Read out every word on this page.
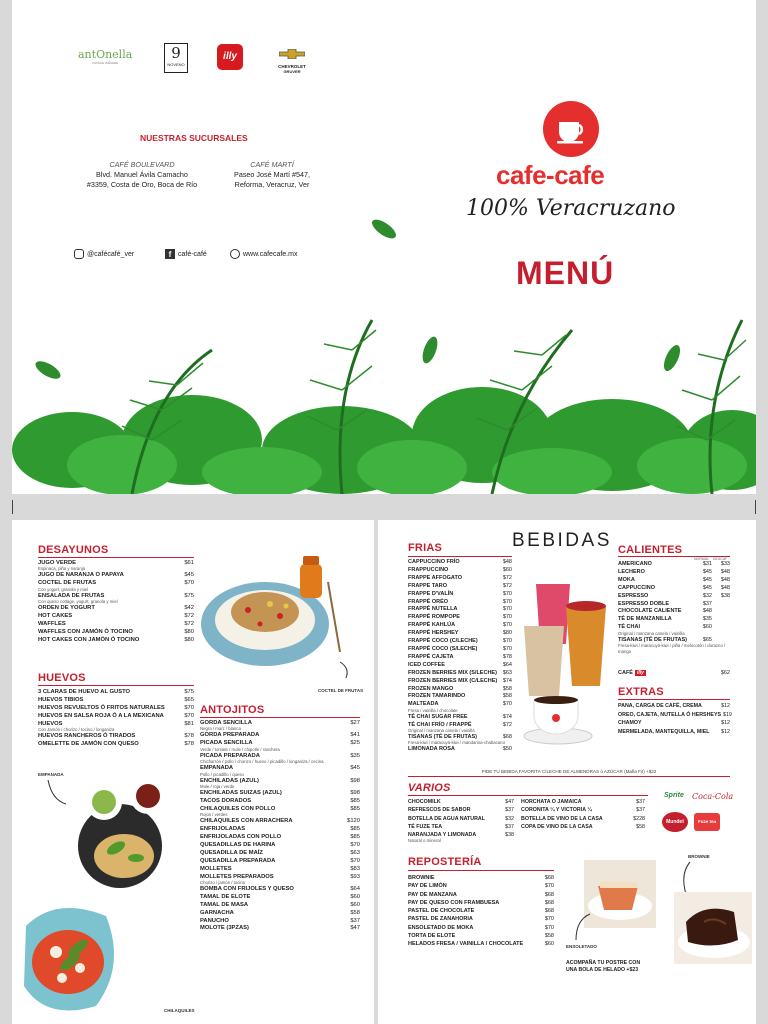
antOnella
cocina italiana
9
NOVENO
illy
CHEVROLET
GRUVER
NUESTRAS SUCURSALES
CAFÉ BOULEVARD
Blvd. Manuel Ávila Camacho
#3359, Costa de Oro, Boca de Río
CAFÉ MARTÍ
Paseo José Martí #547,
Reforma, Veracruz, Ver
@cafécafé_ver	f café-café	www.cafecafe.mx
cafe-cafe
100% Veracruzano
MENÚ
DESAYUNOS
JUGO VERDE	$61
Espinaca, piña y naranja
JUGO DE NARANJA O PAPAYA	$45
COCTEL DE FRUTAS	$70
Con yogurt, granola y miel
ENSALADA DE FRUTAS	$75
Con queso cottage, yogurt, granola y miel
ORDEN DE YOGURT	$42
HOT CAKES	$72
WAFFLES	$72
WAFFLES CON JAMÓN Ó TOCINO	$80
HOT CAKES CON JAMÓN Ó TOCINO	$80
COCTEL DE FRUTAS
HUEVOS
3 CLARAS DE HUEVO AL GUSTO	$75
HUEVOS TIBIOS	$65
HUEVOS REVUELTOS Ó FRITOS NATURALES	$70
HUEVOS EN SALSA ROJA Ó A LA MEXICANA	$70
HUEVOS	$81
Con Jamón / chorizo / tocino / longaniza
HUEVOS RANCHEROS Ó TIRADOS	$78
OMELETTE DE JAMÓN CON QUESO	$78
EMPANADA
CHILAQUILES
ANTOJITOS
GORDA SENCILLA	$27
Negra / maíz / blanca
GORDA PREPARADA	$41
PICADA SENCILLA	$25
Verde / tomate / mole / chipotle / ranchera
PICADA PREPARADA	$35
Chicharrón / pollo / chorizo / huevo / picadillo / longaniza / cecina
EMPANADA	$45
Pollo / picadillo / queso
ENCHILADAS (AZUL)	$98
Mole / roja / verde
ENCHILADAS SUIZAS (AZUL)	$98
TACOS DORADOS	$85
CHILAQUILES CON POLLO	$85
Rojos / verdes
CHILAQUILES CON ARRACHERA	$120
ENFRIJOLADAS	$85
ENFRIJOLADAS CON POLLO	$85
QUESADILLAS DE HARINA	$70
QUESADILLA DE MAÍZ	$63
QUESADILLA PREPARADA	$70
MOLLETES	$83
MOLLETES PREPARADOS	$93
Chorizo / jamón / tocino
BOMBA CON FRIJOLES Y QUESO	$64
TAMAL DE ELOTE	$60
TAMAL DE MASA	$60
GARNACHA	$58
PANUCHO	$37
MOLOTE (3PZAS)	$47
BEBIDAS
FRIAS
CAPPUCCINO FRÍO	$48
FRAPPUCCINO	$60
FRAPPE AFFOGATO	$72
FRAPPE TARO	$72
FRAPPE D'VALÍN	$70
FRAPPÉ ORÉO	$70
FRAPPÉ NUTELLA	$70
FRAPPÉ ROMPOPE	$70
FRAPPÉ KAHLÚA	$70
FRAPPÉ HERSHEY	$80
FRAPPÉ COCO (C/LECHE)	$70
FRAPPÉ COCO (S/LECHE)	$70
FRAPPÉ CAJETA	$78
ICED COFFEE	$64
FROZEN BERRIES MIX (S/LECHE) $63
FROZEN BERRIES MIX (C/LECHE) $74
FROZEN MANGO	$58
FROZEN TAMARINDO	$58
MALTEADA	$70
Fresa / vainilla / chocolate
TÉ CHAI SUGAR FREE	$74
TÉ CHAI FRÍO / FRAPPÉ	$72
Original / manzana canela / vainilla
TISANAS (TÉ DE FRUTAS)	$68
Fresa-kiwi / maracuyá-kiwi / mandarina-chabacano
LIMONADA ROSA	$50
CALIENTES
NORMAL DESCAF
AMERICANO	$31	$33
LECHERO	$45	$48
MOKA	$45	$48
CAPPUCCINO	$45	$48
ESPRESSO	$32	$38
ESPRESSO DOBLE	$37
CHOCOLATE CALIENTE	$48
TÉ DE MANZANILLA	$35
TÉ CHAI	$60
Original / manzana canela / vainilla
TISANAS (TÉ DE FRUTAS)	$65
Fresa-kiwi / maracuyá-kiwi / piña / melocotón / durazno / mango
CAFÉ illy	$62
EXTRAS
PANA, CARGA DE CAFÉ, CREMA	$12
OREO, CAJETA, NUTELLA Ó HERSHEYS $19
CHAMOY	$12
MERMELADA, MANTEQUILLA, MIEL $12
PIDE TU BEBIDA FAVORITA C/LECHE DE ALMENDRAS ó AZÚCAR (Mafia Fit) +$22
VARIOS
CHOCOMILK	$47
REFRESCOS DE SABOR	$37
BOTELLA DE AGUA NATURAL	$32
TÉ FUZE TEA	$37
NARANJADA Y LIMONADA	$38
Natural o mineral
HORCHATA O JAMAICA	$37
CORONITA ¼ Y VICTORIA ¼	$37
BOTELLA DE VINO DE LA CASA	$228
COPA DE VINO DE LA CASA	$58
Sprite Coca-Cola
Mundet	Fuze tea
REPOSTERÍA
BROWNIE	$68
PAY DE LIMÓN	$70
PAY DE MANZANA	$68
PAY DE QUESO CON FRAMBUESA	$68
PASTEL DE CHOCOLATE	$68
PASTEL DE ZANAHORIA	$70
ENSOLETADO DE MOKA	$70
TORTA DE ELOTE	$58
HELADOS FRESA / VAINILLA / CHOCOLATE	$60	ENSOLETADO
BROWNIE
ACOMPAÑA TU POSTRE CON UNA BOLA DE HELADO +$23
